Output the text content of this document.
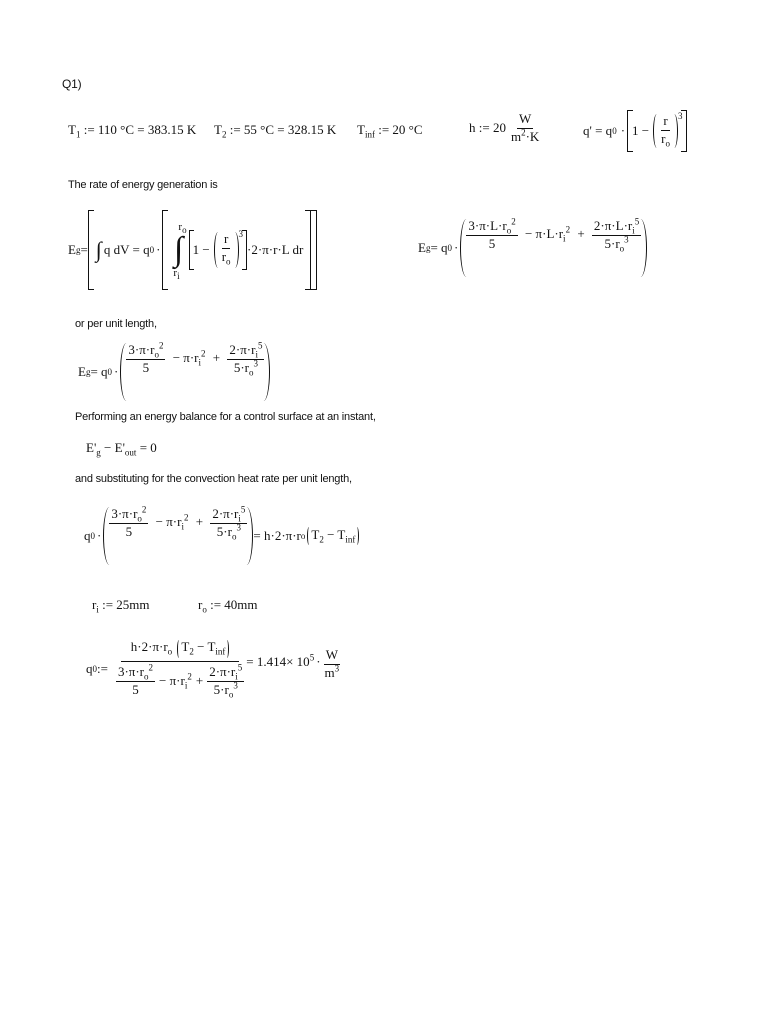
Q1)
$T_1$ := 110 °C = 383.15 K $T_2$ := 55 °C = 328.15 K $T_{inf}$ := 20 °C	h := $20 \frac{W}{m^2\cdot K}$	q' = q $0 \cdot 1 - \frac{r}{r_o} 3$
The rate of energy generation is
E g = ∫ q dV = q 0 ·
$r_o$
∫
$r_i$
$1 - \frac{r}{r_o} 3$
·2·π·r·L dr	E g = q $0 \cdot \frac{3\cdot\pi\cdot L\cdot r_o^2}{5} - \pi\cdot L\cdot r_i^2 + \frac{2\cdot\pi\cdot L\cdot r_i^5}{5\cdot r_o^3}$
or per unit length,
E g = q $0 \cdot \frac{3\cdot\pi\cdot r_o^2}{5} - \pi\cdot r_i^2 + \frac{2\cdot\pi\cdot r_i^5}{5\cdot r_o^3}$
Performing an energy balance for a control surface at an instant,
$E'_g - E'_{out} = 0$
and substituting for the convection heat rate per unit length,
q $0 \cdot \frac{3\cdot\pi\cdot r_o^2}{5} - \pi\cdot r_i^2 + \frac{2\cdot\pi\cdot r_i^5}{5\cdot r_o^3} = h\cdot 2\cdot\pi\cdot r$ o $T_2 - T_{inf}$
$r_i$ := 25mm	$r_o$ := 40mm
q 0 :=
$h\cdot 2\cdot\pi\cdot r_o$ $T_2 - T_{inf}$
$\frac{3\cdot\pi\cdot r_o^2}{5} - \pi\cdot r_i^2 + \frac{2\cdot\pi\cdot r_i^5}{5\cdot r_o^3}$
= $1.414\times 10^5 \cdot \frac{W}{m^3}$
